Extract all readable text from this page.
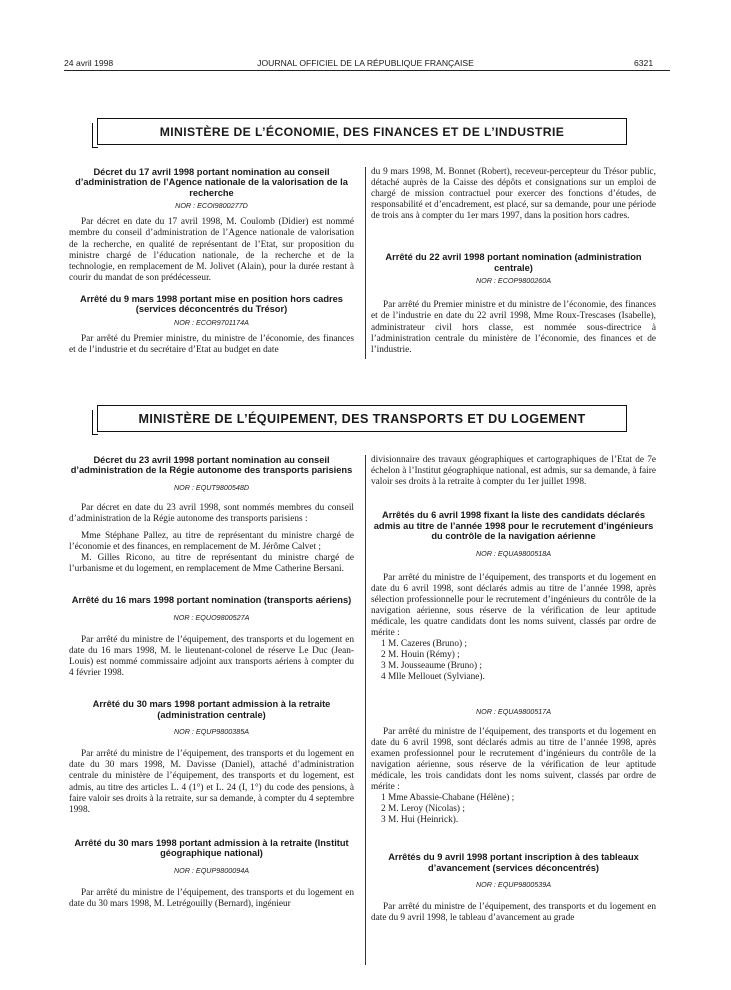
24 avril 1998	JOURNAL OFFICIEL DE LA RÉPUBLIQUE FRANÇAISE	6321
MINISTÈRE DE L’ÉCONOMIE, DES FINANCES ET DE L’INDUSTRIE
Décret du 17 avril 1998 portant nomination au conseil d’administration de l’Agence nationale de la valorisation de la recherche
NOR : ECOI9800277D

Par décret en date du 17 avril 1998, M. Coulomb (Didier) est nommé membre du conseil d’administration de l’Agence nationale de valorisation de la recherche, en qualité de représentant de l’Etat, sur proposition du ministre chargé de l’éducation nationale, de la recherche et de la technologie, en remplacement de M. Jolivet (Alain), pour la durée restant à courir du mandat de son prédécesseur.

Arrêté du 9 mars 1998 portant mise en position hors cadres (services déconcentrés du Trésor)
NOR : ECOR9701174A

Par arrêté du Premier ministre, du ministre de l’économie, des finances et de l’industrie et du secrétaire d’Etat au budget en date

du 9 mars 1998, M. Bonnet (Robert), receveur-percepteur du Trésor public, détaché auprès de la Caisse des dépôts et consignations sur un emploi de chargé de mission contractuel pour exercer des fonctions d’études, de responsabilité et d’encadrement, est placé, sur sa demande, pour une période de trois ans à compter du 1er mars 1997, dans la position hors cadres.

Arrêté du 22 avril 1998 portant nomination (administration centrale)
NOR : ECOP9800260A

Par arrêté du Premier ministre et du ministre de l’économie, des finances et de l’industrie en date du 22 avril 1998, Mme Roux-Trescases (Isabelle), administrateur civil hors classe, est nommée sous-directrice à l’administration centrale du ministère de l’économie, des finances et de l’industrie.

MINISTÈRE DE L’ÉQUIPEMENT, DES TRANSPORTS ET DU LOGEMENT
Décret du 23 avril 1998 portant nomination au conseil d’administration de la Régie autonome des transports parisiens
NOR : EQUT9800548D

Par décret en date du 23 avril 1998, sont nommés membres du conseil d’administration de la Régie autonome des transports parisiens :

Mme Stéphane Pallez, au titre de représentant du ministre chargé de l’économie et des finances, en remplacement de M. Jérôme Calvet ;

M. Gilles Ricono, au titre de représentant du ministre chargé de l’urbanisme et du logement, en remplacement de Mme Catherine Bersani.

Arrêté du 16 mars 1998 portant nomination (transports aériens)
NOR : EQUO9800527A

Par arrêté du ministre de l’équipement, des transports et du logement en date du 16 mars 1998, M. le lieutenant-colonel de réserve Le Duc (Jean-Louis) est nommé commissaire adjoint aux transports aériens à compter du 4 février 1998.

Arrêté du 30 mars 1998 portant admission à la retraite (administration centrale)
NOR : EQUP9800385A

Par arrêté du ministre de l’équipement, des transports et du logement en date du 30 mars 1998, M. Davisse (Daniel), attaché d’administration centrale du ministère de l’équipement, des transports et du logement, est admis, au titre des articles L. 4 (1°) et L. 24 (I, 1°) du code des pensions, à faire valoir ses droits à la retraite, sur sa demande, à compter du 4 septembre 1998.

Arrêté du 30 mars 1998 portant admission à la retraite (Institut géographique national)
NOR : EQUP9800094A

Par arrêté du ministre de l’équipement, des transports et du logement en date du 30 mars 1998, M. Letrégouilly (Bernard), ingénieur

divisionnaire des travaux géographiques et cartographiques de l’Etat de 7e échelon à l’Institut géographique national, est admis, sur sa demande, à faire valoir ses droits à la retraite à compter du 1er juillet 1998.

Arrêtés du 6 avril 1998 fixant la liste des candidats déclarés admis au titre de l’année 1998 pour le recrutement d’ingénieurs du contrôle de la navigation aérienne
NOR : EQUA9800518A

Par arrêté du ministre de l’équipement, des transports et du logement en date du 6 avril 1998, sont déclarés admis au titre de l’année 1998, après sélection professionnelle pour le recrutement d’ingénieurs du contrôle de la navigation aérienne, sous réserve de la vérification de leur aptitude médicale, les quatre candidats dont les noms suivent, classés par ordre de mérite :

1 M. Cazeres (Bruno) ;

2 M. Houin (Rémy) ;

3 M. Jousseaume (Bruno) ;

4 Mlle Mellouet (Sylviane).

NOR : EQUA9800517A

Par arrêté du ministre de l’équipement, des transports et du logement en date du 6 avril 1998, sont déclarés admis au titre de l’année 1998, après examen professionnel pour le recrutement d’ingénieurs du contrôle de la navigation aérienne, sous réserve de la vérification de leur aptitude médicale, les trois candidats dont les noms suivent, classés par ordre de mérite :

1 Mme Abassie-Chabane (Hélène) ;

2 M. Leroy (Nicolas) ;

3 M. Hui (Heinrick).

Arrêtés du 9 avril 1998 portant inscription à des tableaux d’avancement (services déconcentrés)
NOR : EQUP9800539A

Par arrêté du ministre de l’équipement, des transports et du logement en date du 9 avril 1998, le tableau d’avancement au grade
